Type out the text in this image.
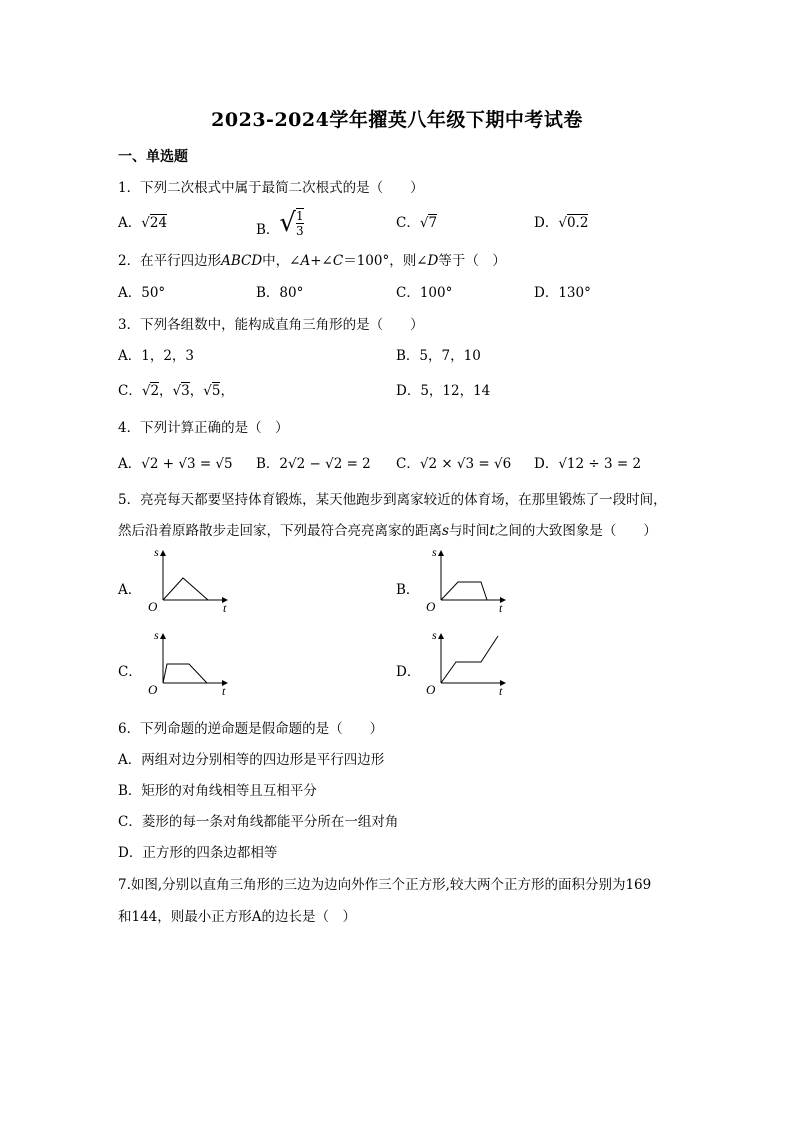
2023-2024学年擢英八年级下期中考试卷
一、单选题
1．下列二次根式中属于最简二次根式的是（　　）
A．√24	B．√ $\frac{1}{3}$	C．√7	D．√0.2
2．在平行四边形ABCD中，∠A+∠C＝100°，则∠D等于（　）
A．50°	B．80°	C．100°	D．130°
3．下列各组数中，能构成直角三角形的是（　　）
A．1，2，3	B．5，7，10
C．√2，√3，√5，	D．5，12，14
4．下列计算正确的是（　）
A．√2 + √3 = √5 B．2√2 − √2 = 2 C．√2 × √3 = √6 D．√12 ÷ 3 = 2
5．亮亮每天都要坚持体育锻炼，某天他跑步到离家较近的体育场，在那里锻炼了一段时间，
然后沿着原路散步走回家，下列最符合亮亮离家的距离s与时间t之间的大致图象是（　　）
A．	B．
C．	D．
s
t
O
s
t
O
s
t
O
s
t
O
6．下列命题的逆命题是假命题的是（　　）
A．两组对边分别相等的四边形是平行四边形
B．矩形的对角线相等且互相平分
C．菱形的每一条对角线都能平分所在一组对角
D．正方形的四条边都相等
7.如图,分别以直角三角形的三边为边向外作三个正方形,较大两个正方形的面积分别为169
和144，则最小正方形A的边长是（　）
